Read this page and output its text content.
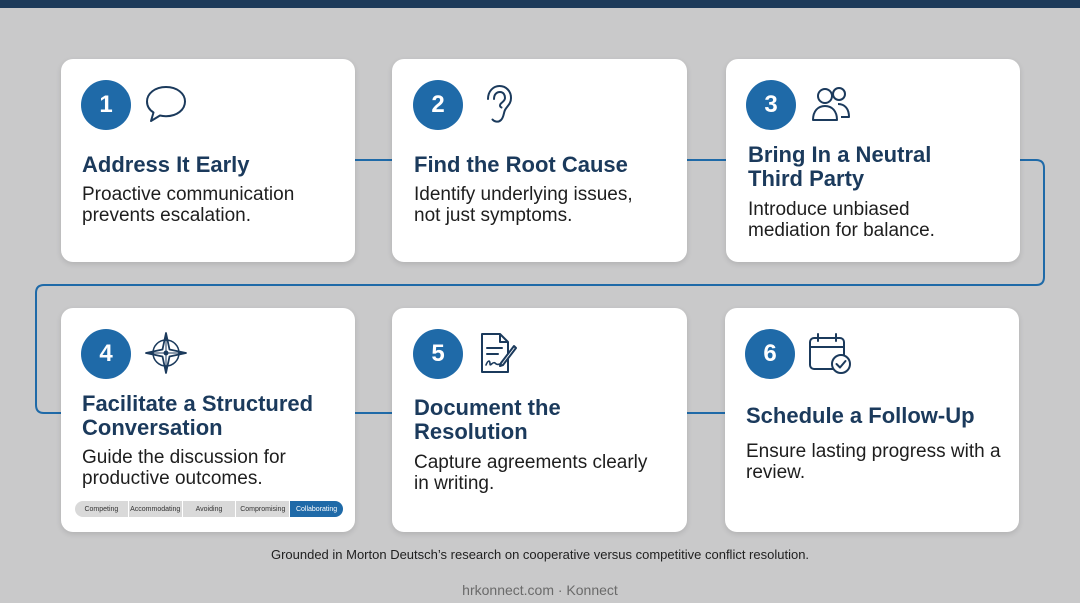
1
Address It Early
Proactive communication prevents escalation.
2
Find the Root Cause
Identify underlying issues, not just symptoms.
3
Bring In a Neutral Third Party
Introduce unbiased mediation for balance.
4
Facilitate a Structured Conversation
Guide the discussion for productive outcomes.
Competing	Accommodating	Avoiding	Compromising	Collaborating
5
Document the Resolution
Capture agreements clearly in writing.
6
Schedule a Follow-Up
Ensure lasting progress with a review.
Grounded in Morton Deutsch’s research on cooperative versus competitive conflict resolution.
hrkonnect.com · Konnect
